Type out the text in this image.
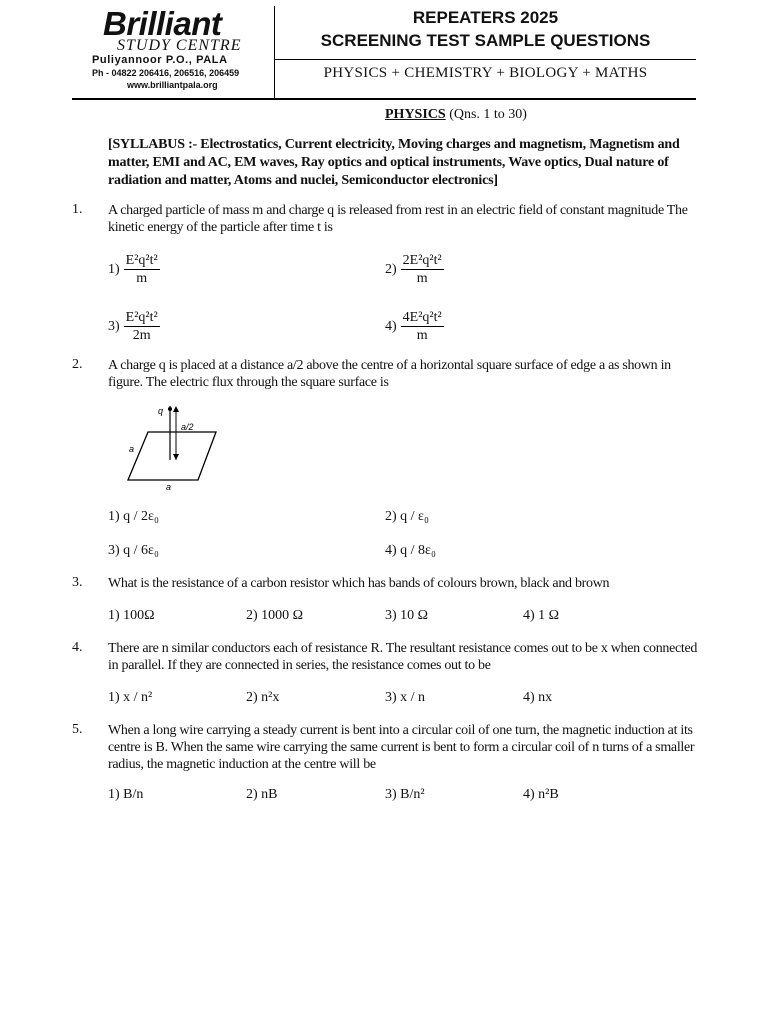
Brilliant
STUDY CENTRE
Puliyannoor P.O., PALA
Ph - 04822 206416, 206516, 206459
www.brilliantpala.org
REPEATERS 2025
SCREENING TEST SAMPLE QUESTIONS
PHYSICS + CHEMISTRY + BIOLOGY + MATHS
PHYSICS (Qns. 1 to 30)
[SYLLABUS :- Electrostatics, Current electricity, Moving charges and magnetism, Magnetism and matter, EMI and AC, EM waves, Ray optics and optical instruments, Wave optics, Dual nature of radiation and matter, Atoms and nuclei, Semiconductor electronics]
1. A charged particle of mass m and charge q is released from rest in an electric field of constant magnitude The kinetic energy of the particle after time t is
$1) \frac{\text{E²q²t²}}{m}$	$2) \frac{\text{2E²q²t²}}{m}$
$3) \frac{\text{E²q²t²}}{2m}$	$4) \frac{\text{4E²q²t²}}{m}$
2. A charge q is placed at a distance a/2 above the centre of a horizontal square surface of edge a as shown in figure. The electric flux through the square surface is
q
a/2
a
a
1) q / 2ε₀	2) q / ε₀
3) q / 6ε₀	4) q / 8ε₀
3. What is the resistance of a carbon resistor which has bands of colours brown, black and brown
1) 100Ω	2) 1000 Ω	3) 10 Ω	4) 1 Ω
4. There are n similar conductors each of resistance R. The resultant resistance comes out to be x when connected in parallel. If they are connected in series, the resistance comes out to be
1) x / n²	2) n²x	3) x / n	4) nx
5. When a long wire carrying a steady current is bent into a circular coil of one turn, the magnetic induction at its centre is B. When the same wire carrying the same current is bent to form a circular coil of n turns of a smaller radius, the magnetic induction at the centre will be
1) B/n	2) nB	3) B/n²	4) n²B
